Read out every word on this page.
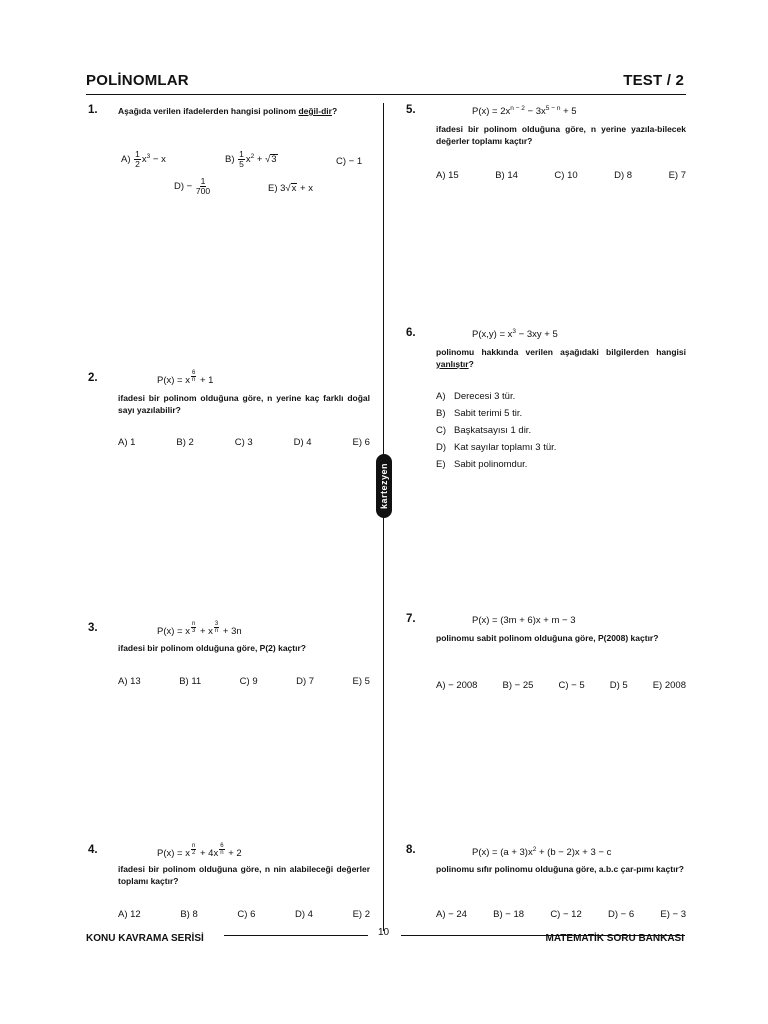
POLİNOMLAR	TEST / 2
kartezyen
1. Aşağıda verilen ifadelerden hangisi polinom değil-dir?
$A) \frac{1}{2} x^3 - x$	$B) \frac{1}{5} x^2 + √3$	C) − 1
$D) - \frac{1}{700}$	E) 3√x + x
P(x) = x $\frac{6}{n} + 1$
2.
ifadesi bir polinom olduğuna göre, n yerine kaç farklı doğal sayı yazılabilir?
A) 1	B) 2	C) 3	D) 4	E) 6
3.	P(x) = x $\frac{n}{3} + x \frac{3}{n} + 3n$
ifadesi bir polinom olduğuna göre, P(2) kaçtır?
A) 13	B) 11	C) 9	D) 7	E) 5
4.	P(x) = x $\frac{n}{2} + 4x \frac{6}{n} + 2$
ifadesi bir polinom olduğuna göre, n nin alabileceği değerler toplamı kaçtır?
A) 12	B) 8	C) 6	D) 4	E) 2
5.	$P(x) = 2x^{n - 2} - 3x^{5 - n} + 5$
ifadesi bir polinom olduğuna göre, n yerine yazıla-bilecek değerler toplamı kaçtır?
A) 15	B) 14	C) 10	D) 8	E) 7
6.	$P(x,y) = x^3 - 3xy + 5$
polinomu hakkında verilen aşağıdaki bilgilerden hangisi yanlıştır?
A) Derecesi 3 tür.
B) Sabit terimi 5 tir.
C) Başkatsayısı 1 dir.
D) Kat sayılar toplamı 3 tür.
E) Sabit polinomdur.
7.	P(x) = (3m + 6)x + m − 3
polinomu sabit polinom olduğuna göre, P(2008) kaçtır?
A) − 2008	B) − 25	C) − 5	D) 5	E) 2008
8.	$P(x) = (a + 3)x^2 + (b - 2)x + 3 - c$
polinomu sıfır polinomu olduğuna göre, a.b.c çar-pımı kaçtır?
A) − 24	B) − 18	C) − 12	D) − 6	E) − 3
KONU KAVRAMA SERİSİ
10
MATEMATİK SORU BANKASI
